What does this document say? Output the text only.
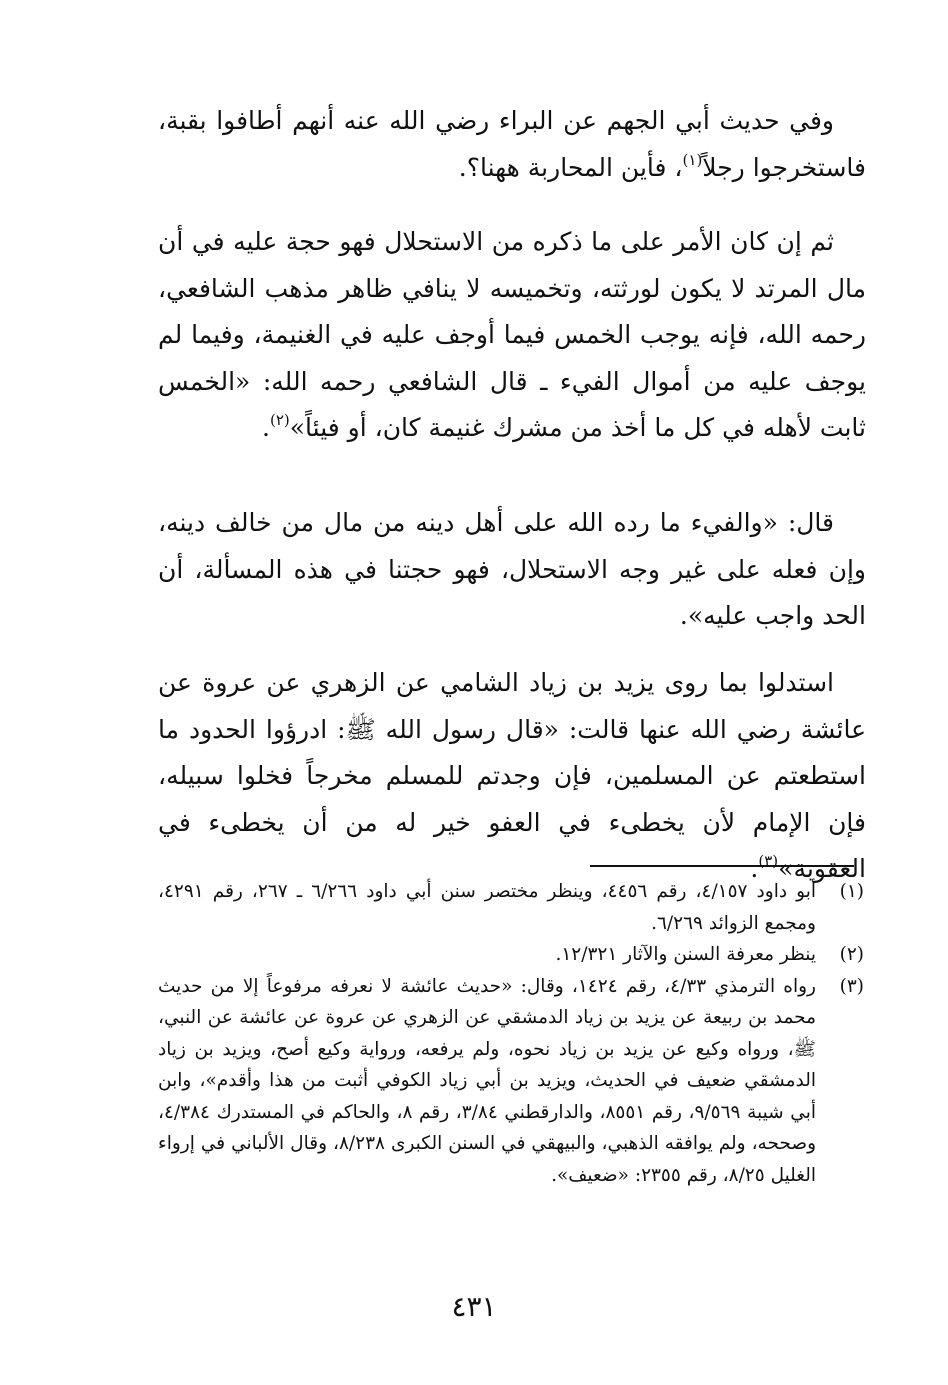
وفي حديث أبي الجهم عن البراء رضي الله عنه أنهم أطافوا بقبة، فاستخرجوا رجلاً$^{(١)}$، فأين المحاربة ههنا؟.

ثم إن كان الأمر على ما ذكره من الاستحلال فهو حجة عليه في أن مال المرتد لا يكون لورثته، وتخميسه لا ينافي ظاهر مذهب الشافعي، رحمه الله، فإنه يوجب الخمس فيما أوجف عليه في الغنيمة، وفيما لم يوجف عليه من أموال الفيء ـ قال الشافعي رحمه الله: «الخمس ثابت لأهله في كل ما أخذ من مشرك غنيمة كان، أو فيئاً»$^{(٢)}$.

قال: «والفيء ما رده الله على أهل دينه من مال من خالف دينه، وإن فعله على غير وجه الاستحلال، فهو حجتنا في هذه المسألة، أن الحد واجب عليه».

استدلوا بما روى يزيد بن زياد الشامي عن الزهري عن عروة عن عائشة رضي الله عنها قالت: «قال رسول الله ﷺ: ادرؤوا الحدود ما استطعتم عن المسلمين، فإن وجدتم للمسلم مخرجاً فخلوا سبيله، فإن الإمام لأن يخطىء في العفو خير له من أن يخطىء في العقوبة»$^{(٣)}$.

(١)
أبو داود ٤/١٥٧، رقم ٤٤٥٦، وينظر مختصر سنن أبي داود ٦/٢٦٦ ـ ٢٦٧، رقم ٤٢٩١، ومجمع الزوائد ٦/٢٦٩.
(٢)
ينظر معرفة السنن والآثار ١٢/٣٢١.
(٣)
رواه الترمذي ٤/٣٣، رقم ١٤٢٤، وقال: «حديث عائشة لا نعرفه مرفوعاً إلا من حديث محمد بن ربيعة عن يزيد بن زياد الدمشقي عن الزهري عن عروة عن عائشة عن النبي، ﷺ، ورواه وكيع عن يزيد بن زياد نحوه، ولم يرفعه، ورواية وكيع أصح، ويزيد بن زياد الدمشقي ضعيف في الحديث، ويزيد بن أبي زياد الكوفي أثبت من هذا وأقدم»، وابن أبي شيبة ٩/٥٦٩، رقم ٨٥٥١، والدارقطني ٣/٨٤، رقم ٨، والحاكم في المستدرك ٤/٣٨٤، وصححه، ولم يوافقه الذهبي، والبيهقي في السنن الكبرى ٨/٢٣٨، وقال الألباني في إرواء الغليل ٨/٢٥، رقم ٢٣٥٥: «ضعيف».
٤٣١
